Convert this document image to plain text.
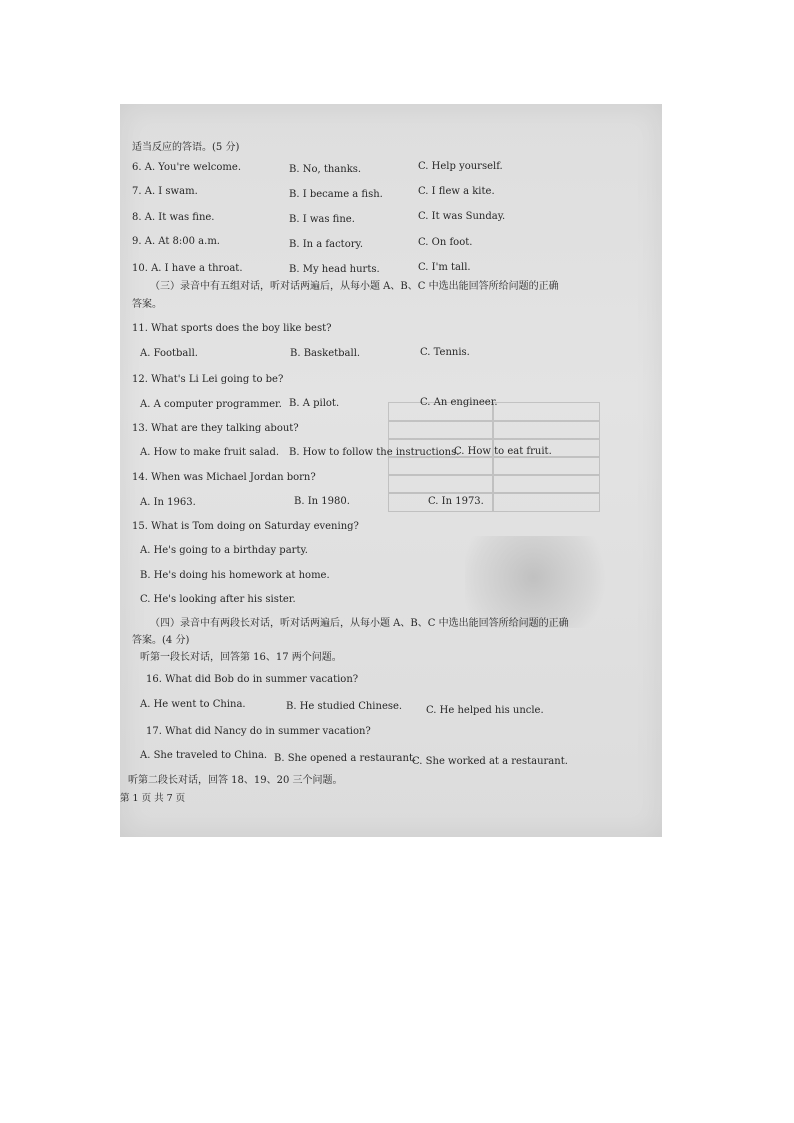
适当反应的答语。(5 分)
6. A. You're welcome.	B. No, thanks.	C. Help yourself.
7. A. I swam.	B. I became a fish.	C. I flew a kite.
8. A. It was fine.	B. I was fine.	C. It was Sunday.
9. A. At 8:00 a.m.	B. In a factory.	C. On foot.
10. A. I have a throat.	B. My head hurts.	C. I'm tall.
（三）录音中有五组对话，听对话两遍后，从每小题 A、B、C 中选出能回答所给问题的正确
答案。
11. What sports does the boy like best?
A. Football.	B. Basketball.	C. Tennis.
12. What's Li Lei going to be?
A. A computer programmer. B. A pilot.	C. An engineer.
13. What are they talking about?
A. How to make fruit salad. B. How to follow the instructions.
C. How to eat fruit.
14. When was Michael Jordan born?
A. In 1963.	B. In 1980.	C. In 1973.
15. What is Tom doing on Saturday evening?
A. He's going to a birthday party.
B. He's doing his homework at home.
C. He's looking after his sister.
（四）录音中有两段长对话，听对话两遍后，从每小题 A、B、C 中选出能回答所给问题的正确
答案。(4 分)
听第一段长对话，回答第 16、17 两个问题。
16. What did Bob do in summer vacation?
A. He went to China.	B. He studied Chinese. C. He helped his uncle.
17. What did Nancy do in summer vacation?
A. She traveled to China. B. She opened a restaurant.
C. She worked at a restaurant.
听第二段长对话，回答 18、19、20 三个问题。
第 1 页 共 7 页
